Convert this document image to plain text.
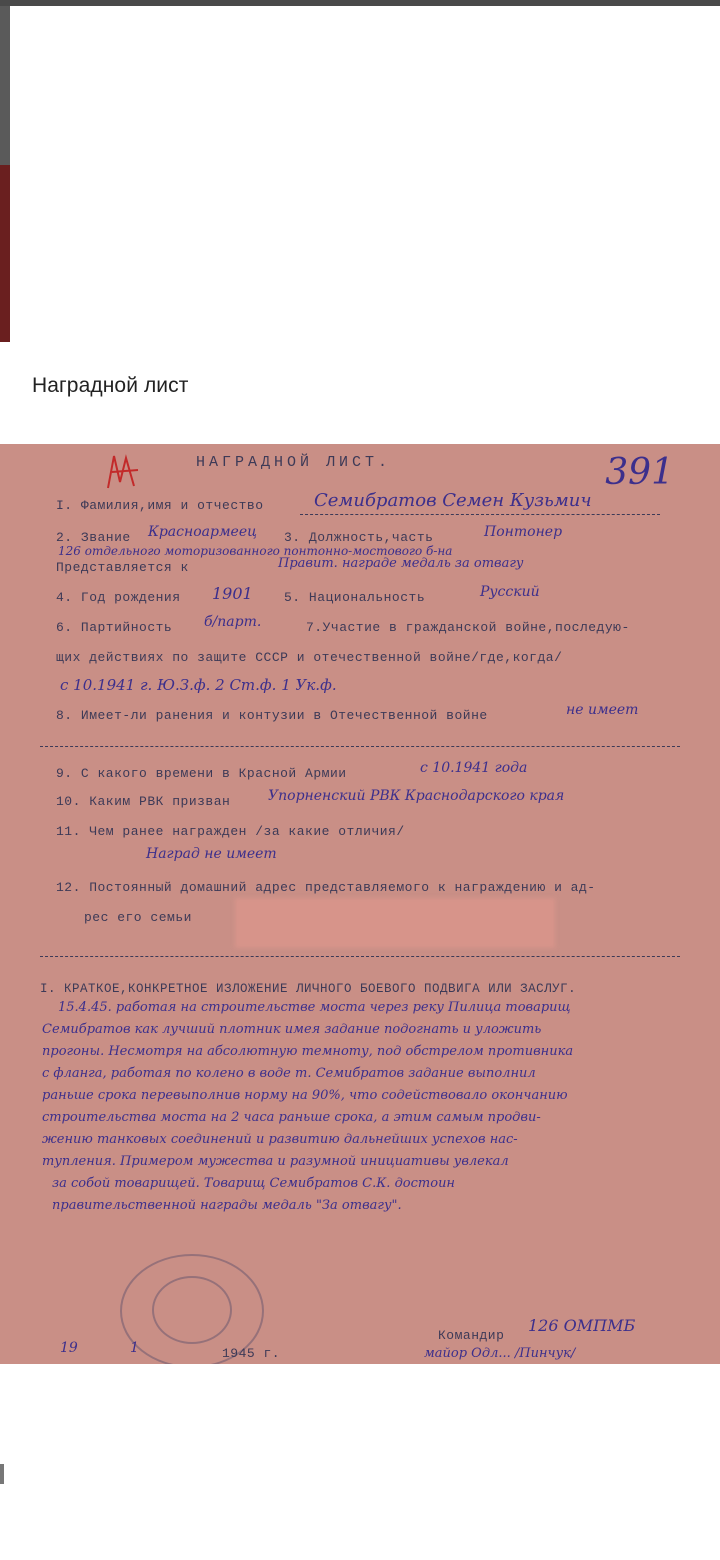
Наградной лист
391
НАГРАДНОЙ ЛИСТ.
I. Фамилия,имя и отчество	Семибратов Семен Кузьмич
2. Звание Красноармеец 3. Должность,часть	Понтонер
126 отдельного моторизованного понтонно-мостового б-на
Представляется к	Правит. награде медаль за отвагу
4. Год рождения 1901 5. Национальность	Русский
6. Партийность б/парт.	7.Участие в гражданской войне,последую-
щих действиях по защите СССР и отечественной войне/где,когда/
с 10.1941 г. Ю.З.ф. 2 Ст.ф. 1 Ук.ф.
8. Имеет-ли ранения и контузии в Отечественной войне	не имеет
9. С какого времени в Красной Армии	с 10.1941 года
10. Каким РВК призван	Упорненский РВК Краснодарского края
11. Чем ранее награжден /за какие отличия/
Наград не имеет
12. Постоянный домашний адрес представляемого к награждению и ад-
рес его семьи
I. КРАТКОЕ,КОНКРЕТНОЕ ИЗЛОЖЕНИЕ ЛИЧНОГО БОЕВОГО ПОДВИГА ИЛИ ЗАСЛУГ.
15.4.45. работая на строительстве моста через реку Пилица товарищ
Семибратов как лучший плотник имея задание подогнать и уложить
прогоны. Несмотря на абсолютную темноту, под обстрелом противника
с фланга, работая по колено в воде т. Семибратов задание выполнил
раньше срока перевыполнив норму на 90%, что содействовало окончанию
строительства моста на 2 часа раньше срока, а этим самым продви-
жению танковых соединений и развитию дальнейших успехов нас-
тупления. Примером мужества и разумной инициативы увлекал
за собой товарищей. Товарищ Семибратов С.К. достоин
правительственной награды медаль "За отвагу".
19	1	1945 г.
Командир
126 ОМПМБ
майор Одл... /Пинчук/
